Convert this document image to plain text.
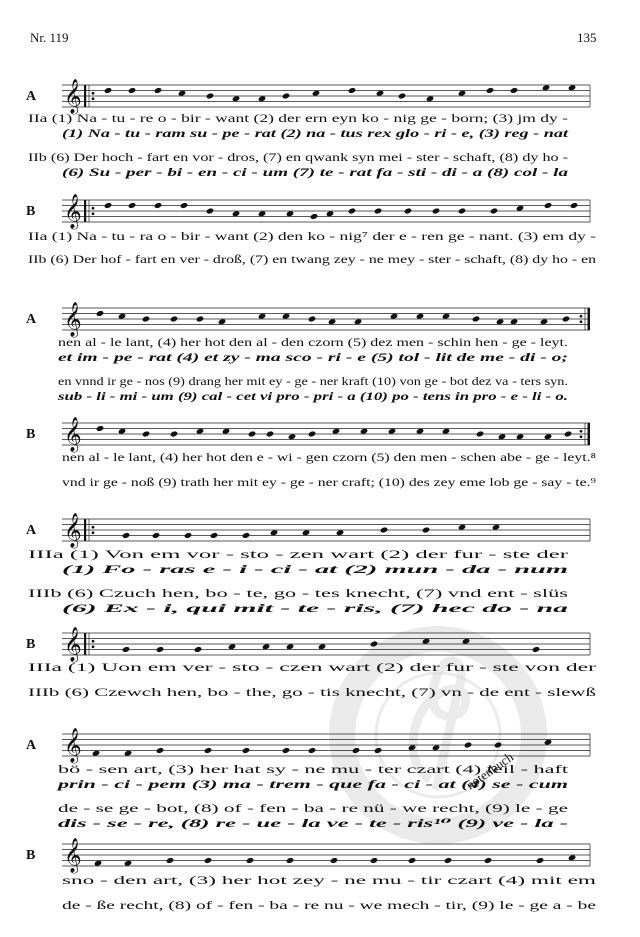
notenbuch
Nr. 119	135
A 𝄞
B 𝄞
A 𝄞
B 𝄞
A 𝄞
B 𝄞
A 𝄞
B 𝄞
IIa (1) Na - tu - re o - bir - want (2) der ern eyn ko - nig ge - born; (3) jm dy -
(1) Na - tu - ram su - pe - rat (2) na - tus rex glo - ri - e, (3) reg - nat
IIb (6) Der hoch - fart en vor - dros, (7) en qwank syn mei - ster - schaft, (8) dy ho -
(6) Su - per - bi - en - ci - um (7) te - rat fa - sti - di - a (8) col - la
IIa (1) Na - tu - ra o - bir - want (2) den ko - nig⁷ der e - ren ge - nant. (3) em dy -
IIb (6) Der hof - fart en ver - droß, (7) en twang zey - ne mey - ster - schaft, (8) dy ho - en
nen al - le lant, (4) her hot den al - den czorn (5) dez men - schin hen - ge - leyt.
et im - pe - rat (4) et zy - ma sco - ri - e (5) tol - lit de me - di - o;
en vnnd ir ge - nos (9) drang her mit ey - ge - ner kraft (10) von ge - bot dez va - ters syn.
sub - li - mi - um (9) cal - cet vi pro - pri - a (10) po - tens in pro - e - li - o.
nen al - le lant, (4) her hot den e - wi - gen czorn (5) den men - schen abe - ge - leyt.⁸
vnd ir ge - noß (9) trath her mit ey - ge - ner craft; (10) des zey eme lob ge - say - te.⁹
IIIa (1) Von em vor - sto - zen wart (2) der fur - ste der
(1) Fo - ras e - i - ci - at (2) mun - da - num
IIIb (6) Czuch hen, bo - te, go - tes knecht, (7) vnd ent - slüs
(6) Ex - i, qui mit - te - ris, (7) hec do - na
IIIa (1) Uon em ver - sto - czen wart (2) der fur - ste von der
IIIb (6) Czewch hen, bo - the, go - tis knecht, (7) vn - de ent - slewß
bö - sen art, (3) her hat sy - ne mu - ter czart (4) teil - haft
prin - ci - pem (3) ma - trem - que fa - ci - at (4) se - cum
de - se ge - bot, (8) of - fen - ba - re nü - we recht, (9) le - ge
dis - se - re, (8) re - ue - la ve - te - ris¹⁰ (9) ve - la -
sno - den art, (3) her hot zey - ne mu - tir czart (4) mit em
de - ße recht, (8) of - fen - ba - re nu - we mech - tir, (9) le - ge a - be
